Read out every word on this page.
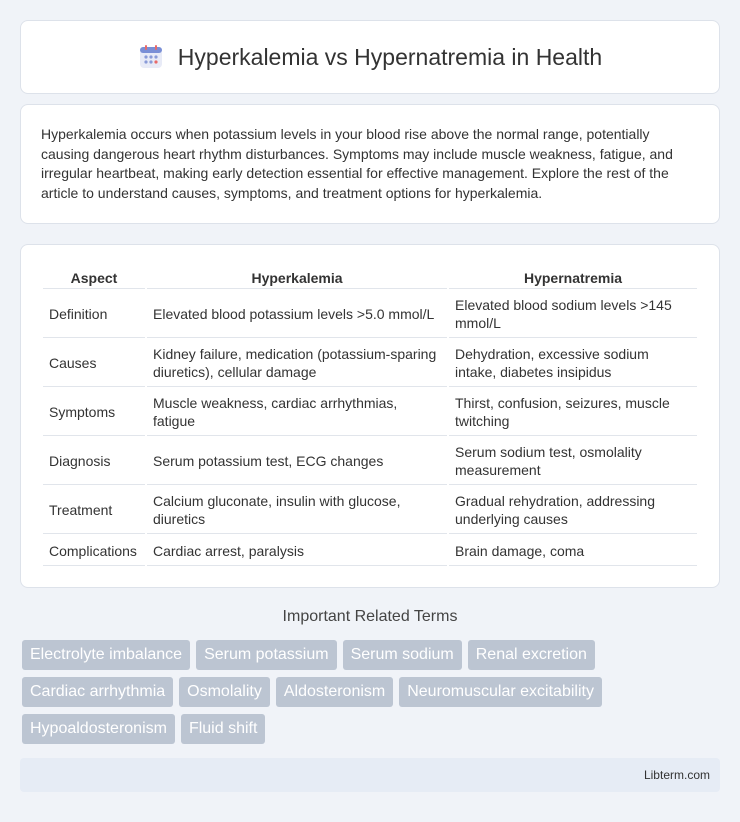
Hyperkalemia vs Hypernatremia in Health

Hyperkalemia occurs when potassium levels in your blood rise above the normal range, potentially causing dangerous heart rhythm disturbances. Symptoms may include muscle weakness, fatigue, and irregular heartbeat, making early detection essential for effective management. Explore the rest of the article to understand causes, symptoms, and treatment options for hyperkalemia.

Aspect	Hyperkalemia	Hypernatremia
Definition	Elevated blood potassium levels >5.0 mmol/L	Elevated blood sodium levels >145 mmol/L
Causes	Kidney failure, medication (potassium-sparing diuretics), cellular damage	Dehydration, excessive sodium intake, diabetes insipidus
Symptoms	Muscle weakness, cardiac arrhythmias, fatigue	Thirst, confusion, seizures, muscle twitching
Diagnosis	Serum potassium test, ECG changes	Serum sodium test, osmolality measurement
Treatment	Calcium gluconate, insulin with glucose, diuretics	Gradual rehydration, addressing underlying causes
Complications	Cardiac arrest, paralysis	Brain damage, coma
Important Related Terms
Electrolyte imbalance	Serum potassium	Serum sodium	Renal excretion
Cardiac arrhythmia	Osmolality	Aldosteronism	Neuromuscular excitability
Hypoaldosteronism	Fluid shift
Libterm.com
